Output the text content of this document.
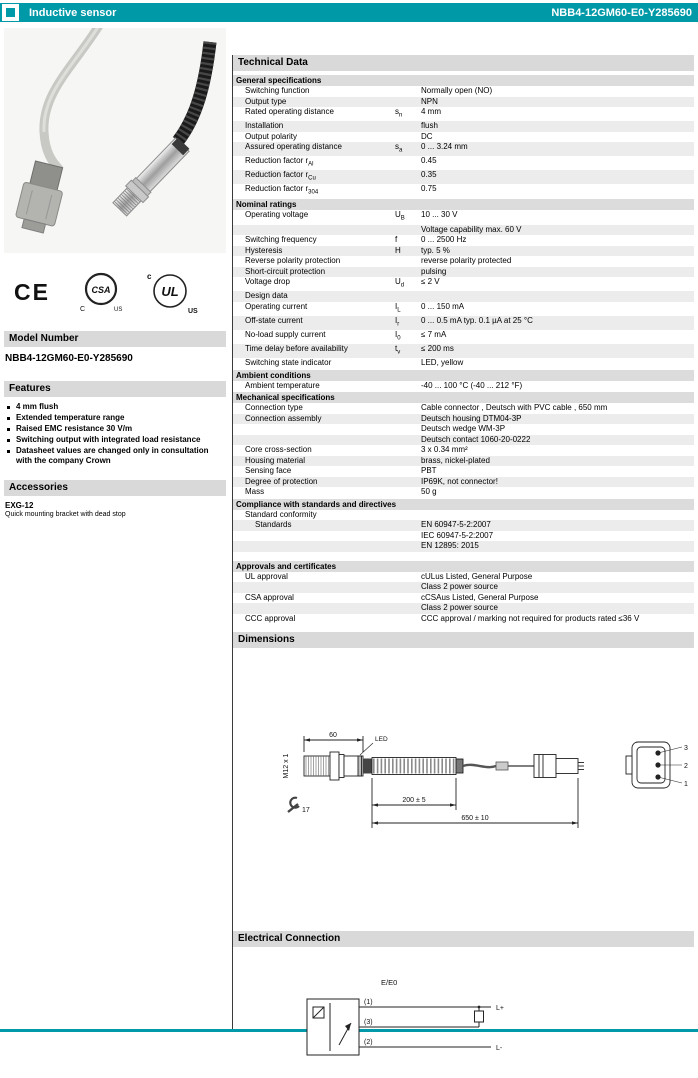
Inductive sensor	NBB4-12GM60-E0-Y285690
CE	CSA
C	US
c
UL
US
Model Number
NBB4-12GM60-E0-Y285690
Features
4 mm flush
Extended temperature range
Raised EMC resistance 30 V/m
Switching output with integrated load resistance
Datasheet values are changed only in consultation with the company Crown
Accessories
EXG-12
Quick mounting bracket with dead stop
Technical Data
General specifications
Switching function	Normally open (NO)
Output type	NPN
Rated operating distance	$s_n$	4 mm
Installation	flush
Output polarity	DC
Assured operating distance	$s_a$	0 ... 3.24 mm
Reduction factor $r_{Al}$	0.45
Reduction factor $r_{Cu}$	0.35
Reduction factor $r_{304}$	0.75
Nominal ratings
Operating voltage	$U_B$	10 ... 30 V
Voltage capability max. 60 V
Switching frequency	f	0 ... 2500 Hz
Hysteresis	H	typ. 5 %
Reverse polarity protection	reverse polarity protected
Short-circuit protection	pulsing
Voltage drop	$U_d$	≤ 2 V
Design data
Operating current	$I_L$	0 ... 150 mA
Off-state current	$I_r$	0 ... 0.5 mA typ. 0.1 µA at 25 °C
No-load supply current	$I_0$	≤ 7 mA
Time delay before availability	$t_v$	≤ 200 ms
Switching state indicator	LED, yellow
Ambient conditions
Ambient temperature	-40 ... 100 °C (-40 ... 212 °F)
Mechanical specifications
Connection type	Cable connector , Deutsch with PVC cable , 650 mm
Connection assembly	Deutsch housing DTM04-3P
Deutsch wedge WM-3P
Deutsch contact 1060-20-0222
Core cross-section	3 x 0.34 mm²
Housing material	brass, nickel-plated
Sensing face	PBT
Degree of protection	IP69K, not connector!
Mass	50 g
Compliance with standards and directives
Standard conformity
Standards	EN 60947-5-2:2007
IEC 60947-5-2:2007
EN 12895: 2015
Approvals and certificates
UL approval	cULus Listed, General Purpose
Class 2 power source
CSA approval	cCSAus Listed, General Purpose
Class 2 power source
CCC approval	CCC approval / marking not required for products rated ≤36 V
Dimensions
60
M12 x 1
LED
200 ± 5
650 ± 10
17
3
2
1
Electrical Connection
E/E0
(1)
(3)
(2)
L+
L-
